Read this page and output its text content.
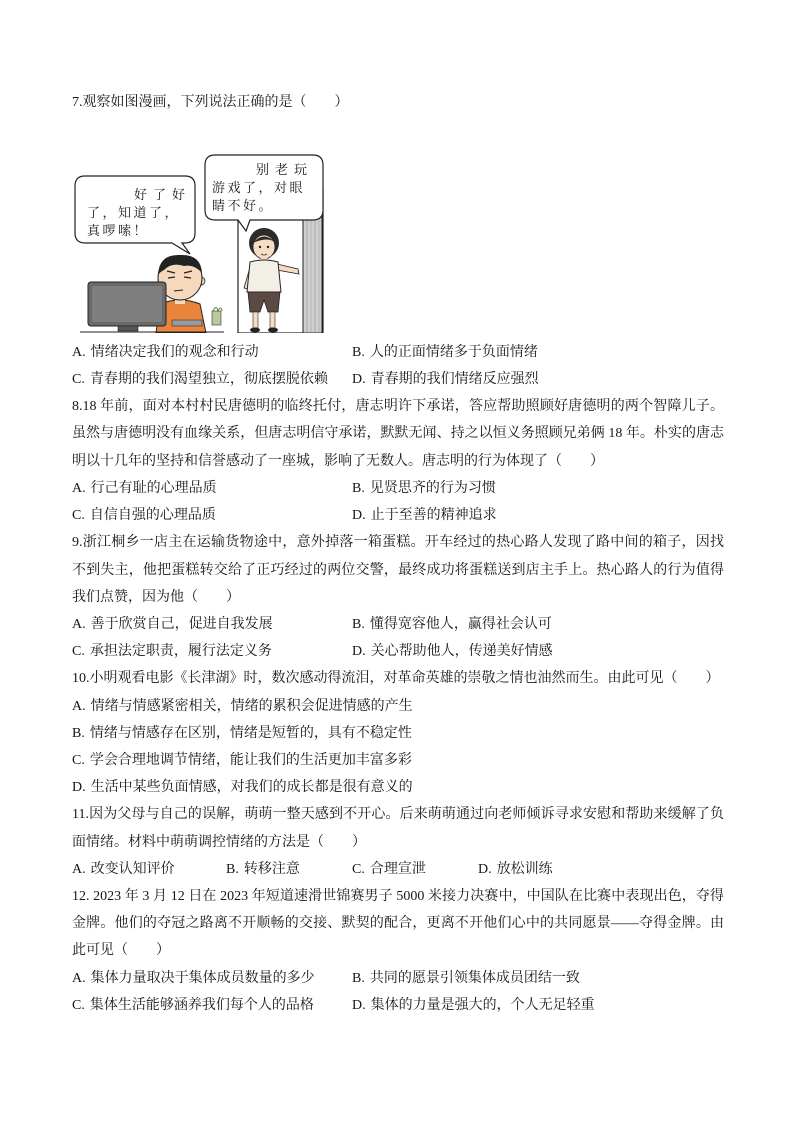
7.观察如图漫画，下列说法正确的是（　　）

别老玩
游戏了，对眼
睛不好。
好了好
了，知道了，
真啰嗦！
A. 情绪决定我们的观念和行动	B. 人的正面情绪多于负面情绪
C. 青春期的我们渴望独立，彻底摆脱依赖	D. 青春期的我们情绪反应强烈

8.18 年前，面对本村村民唐德明的临终托付，唐志明许下承诺，答应帮助照顾好唐德明的两个智障儿子。虽然与唐德明没有血缘关系，但唐志明信守承诺，默默无闻、持之以恒义务照顾兄弟俩 18 年。朴实的唐志明以十几年的坚持和信誉感动了一座城，影响了无数人。唐志明的行为体现了（　　）

A. 行己有耻的心理品质	B. 见贤思齐的行为习惯
C. 自信自强的心理品质	D. 止于至善的精神追求

9.浙江桐乡一店主在运输货物途中，意外掉落一箱蛋糕。开车经过的热心路人发现了路中间的箱子，因找不到失主，他把蛋糕转交给了正巧经过的两位交警，最终成功将蛋糕送到店主手上。热心路人的行为值得我们点赞，因为他（　　）

A. 善于欣赏自己，促进自我发展	B. 懂得宽容他人，赢得社会认可
C. 承担法定职责，履行法定义务	D. 关心帮助他人，传递美好情感

10.小明观看电影《长津湖》时，数次感动得流泪，对革命英雄的崇敬之情也油然而生。由此可见（　　）

A. 情绪与情感紧密相关，情绪的累积会促进情感的产生
B. 情绪与情感存在区别，情绪是短暂的，具有不稳定性
C. 学会合理地调节情绪，能让我们的生活更加丰富多彩
D. 生活中某些负面情感，对我们的成长都是很有意义的

11.因为父母与自己的误解，萌萌一整天感到不开心。后来萌萌通过向老师倾诉寻求安慰和帮助来缓解了负面情绪。材料中萌萌调控情绪的方法是（　　）

A. 改变认知评价	B. 转移注意	C. 合理宣泄	D. 放松训练

12. 2023 年 3 月 12 日在 2023 年短道速滑世锦赛男子 5000 米接力决赛中，中国队在比赛中表现出色，夺得金牌。他们的夺冠之路离不开顺畅的交接、默契的配合，更离不开他们心中的共同愿景——夺得金牌。由此可见（　　）

A. 集体力量取决于集体成员数量的多少	B. 共同的愿景引领集体成员团结一致
C. 集体生活能够涵养我们每个人的品格	D. 集体的力量是强大的，个人无足轻重
